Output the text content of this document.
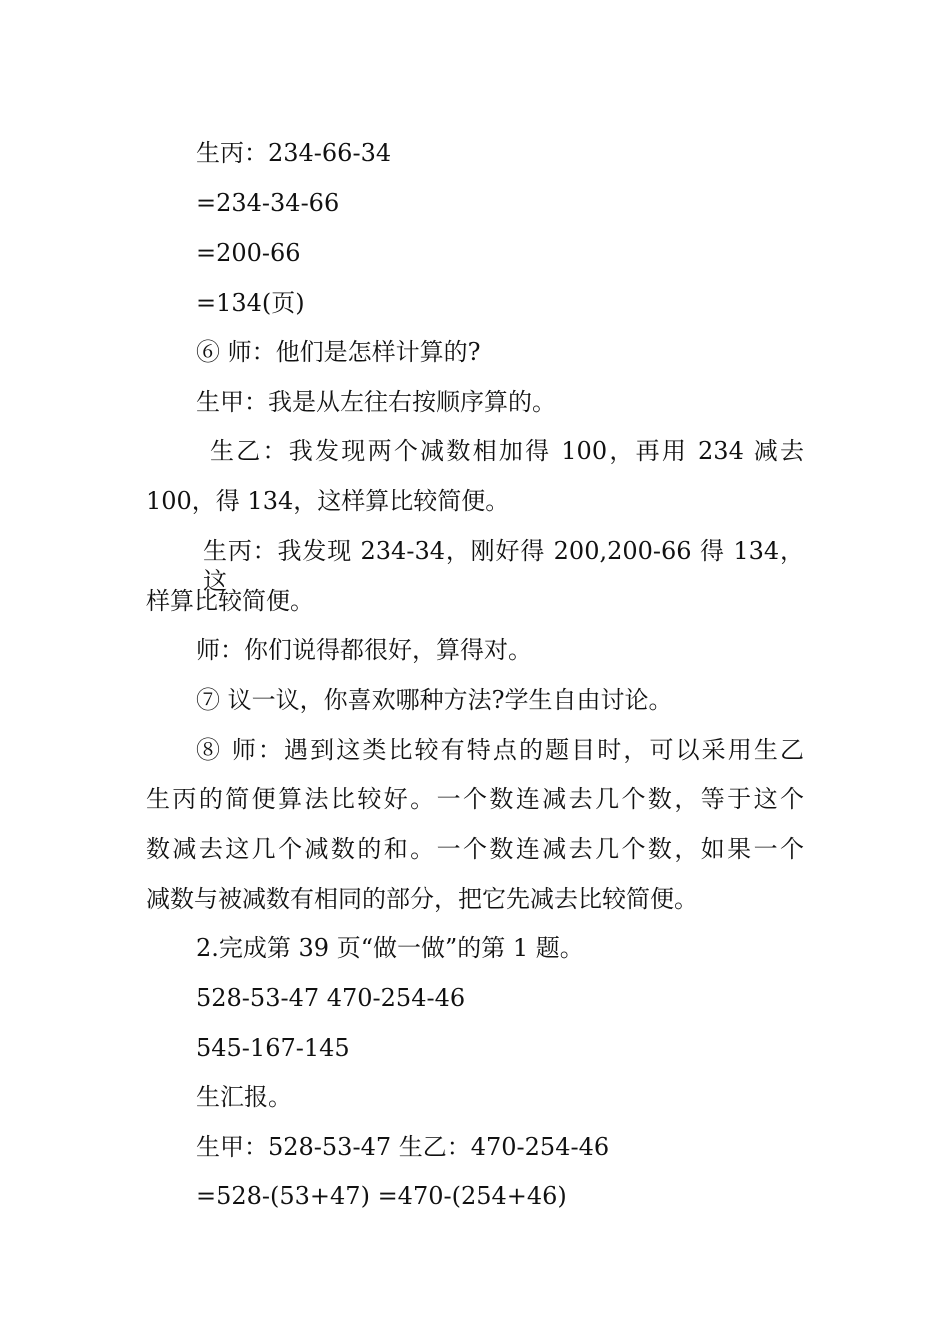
生丙：234-66-34
=234-34-66
=200-66
=134(页)
⑥ 师：他们是怎样计算的?
生甲：我是从左往右按顺序算的。
生乙：我发现两个减数相加得 100，再用 234 减去
100，得 134，这样算比较简便。
生丙：我发现 234-34，刚好得 200,200-66 得 134，这
样算比较简便。
师：你们说得都很好，算得对。
⑦ 议一议，你喜欢哪种方法?学生自由讨论。
⑧ 师：遇到这类比较有特点的题目时，可以采用生乙
生丙的简便算法比较好。一个数连减去几个数，等于这个
数减去这几个减数的和。一个数连减去几个数，如果一个
减数与被减数有相同的部分，把它先减去比较简便。
2.完成第 39 页“做一做”的第 1 题。
528-53-47 470-254-46
545-167-145
生汇报。
生甲：528-53-47 生乙：470-254-46
=528-(53+47) =470-(254+46)
